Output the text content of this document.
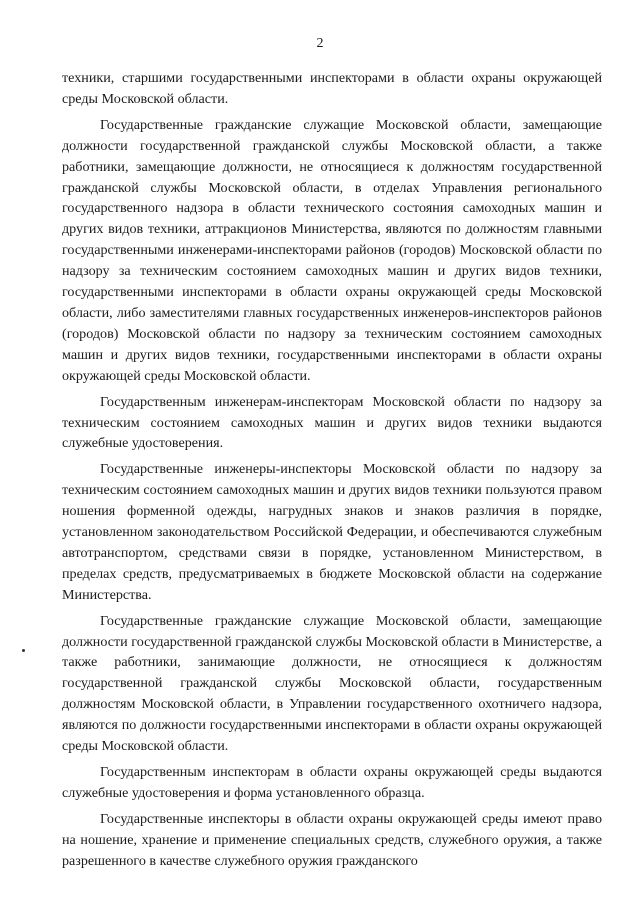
2

техники, старшими государственными инспекторами в области охраны окружающей среды Московской области.

Государственные гражданские служащие Московской области, замещающие должности государственной гражданской службы Московской области, а также работники, замещающие должности, не относящиеся к должностям государственной гражданской службы Московской области, в отделах Управления регионального государственного надзора в области технического состояния самоходных машин и других видов техники, аттракционов Министерства, являются по должностям главными государственными инженерами-инспекторами районов (городов) Московской области по надзору за техническим состоянием самоходных машин и других видов техники, государственными инспекторами в области охраны окружающей среды Московской области, либо заместителями главных государственных инженеров-инспекторов районов (городов) Московской области по надзору за техническим состоянием самоходных машин и других видов техники, государственными инспекторами в области охраны окружающей среды Московской области.

Государственным инженерам-инспекторам Московской области по надзору за техническим состоянием самоходных машин и других видов техники выдаются служебные удостоверения.

Государственные инженеры-инспекторы Московской области по надзору за техническим состоянием самоходных машин и других видов техники пользуются правом ношения форменной одежды, нагрудных знаков и знаков различия в порядке, установленном законодательством Российской Федерации, и обеспечиваются служебным автотранспортом, средствами связи в порядке, установленном Министерством, в пределах средств, предусматриваемых в бюджете Московской области на содержание Министерства.

Государственные гражданские служащие Московской области, замещающие должности государственной гражданской службы Московской области в Министерстве, а также работники, занимающие должности, не относящиеся к должностям государственной гражданской службы Московской области, государственным должностям Московской области, в Управлении государственного охотничего надзора, являются по должности государственными инспекторами в области охраны окружающей среды Московской области.

Государственным инспекторам в области охраны окружающей среды выдаются служебные удостоверения и форма установленного образца.

Государственные инспекторы в области охраны окружающей среды имеют право на ношение, хранение и применение специальных средств, служебного оружия, а также разрешенного в качестве служебного оружия гражданского
